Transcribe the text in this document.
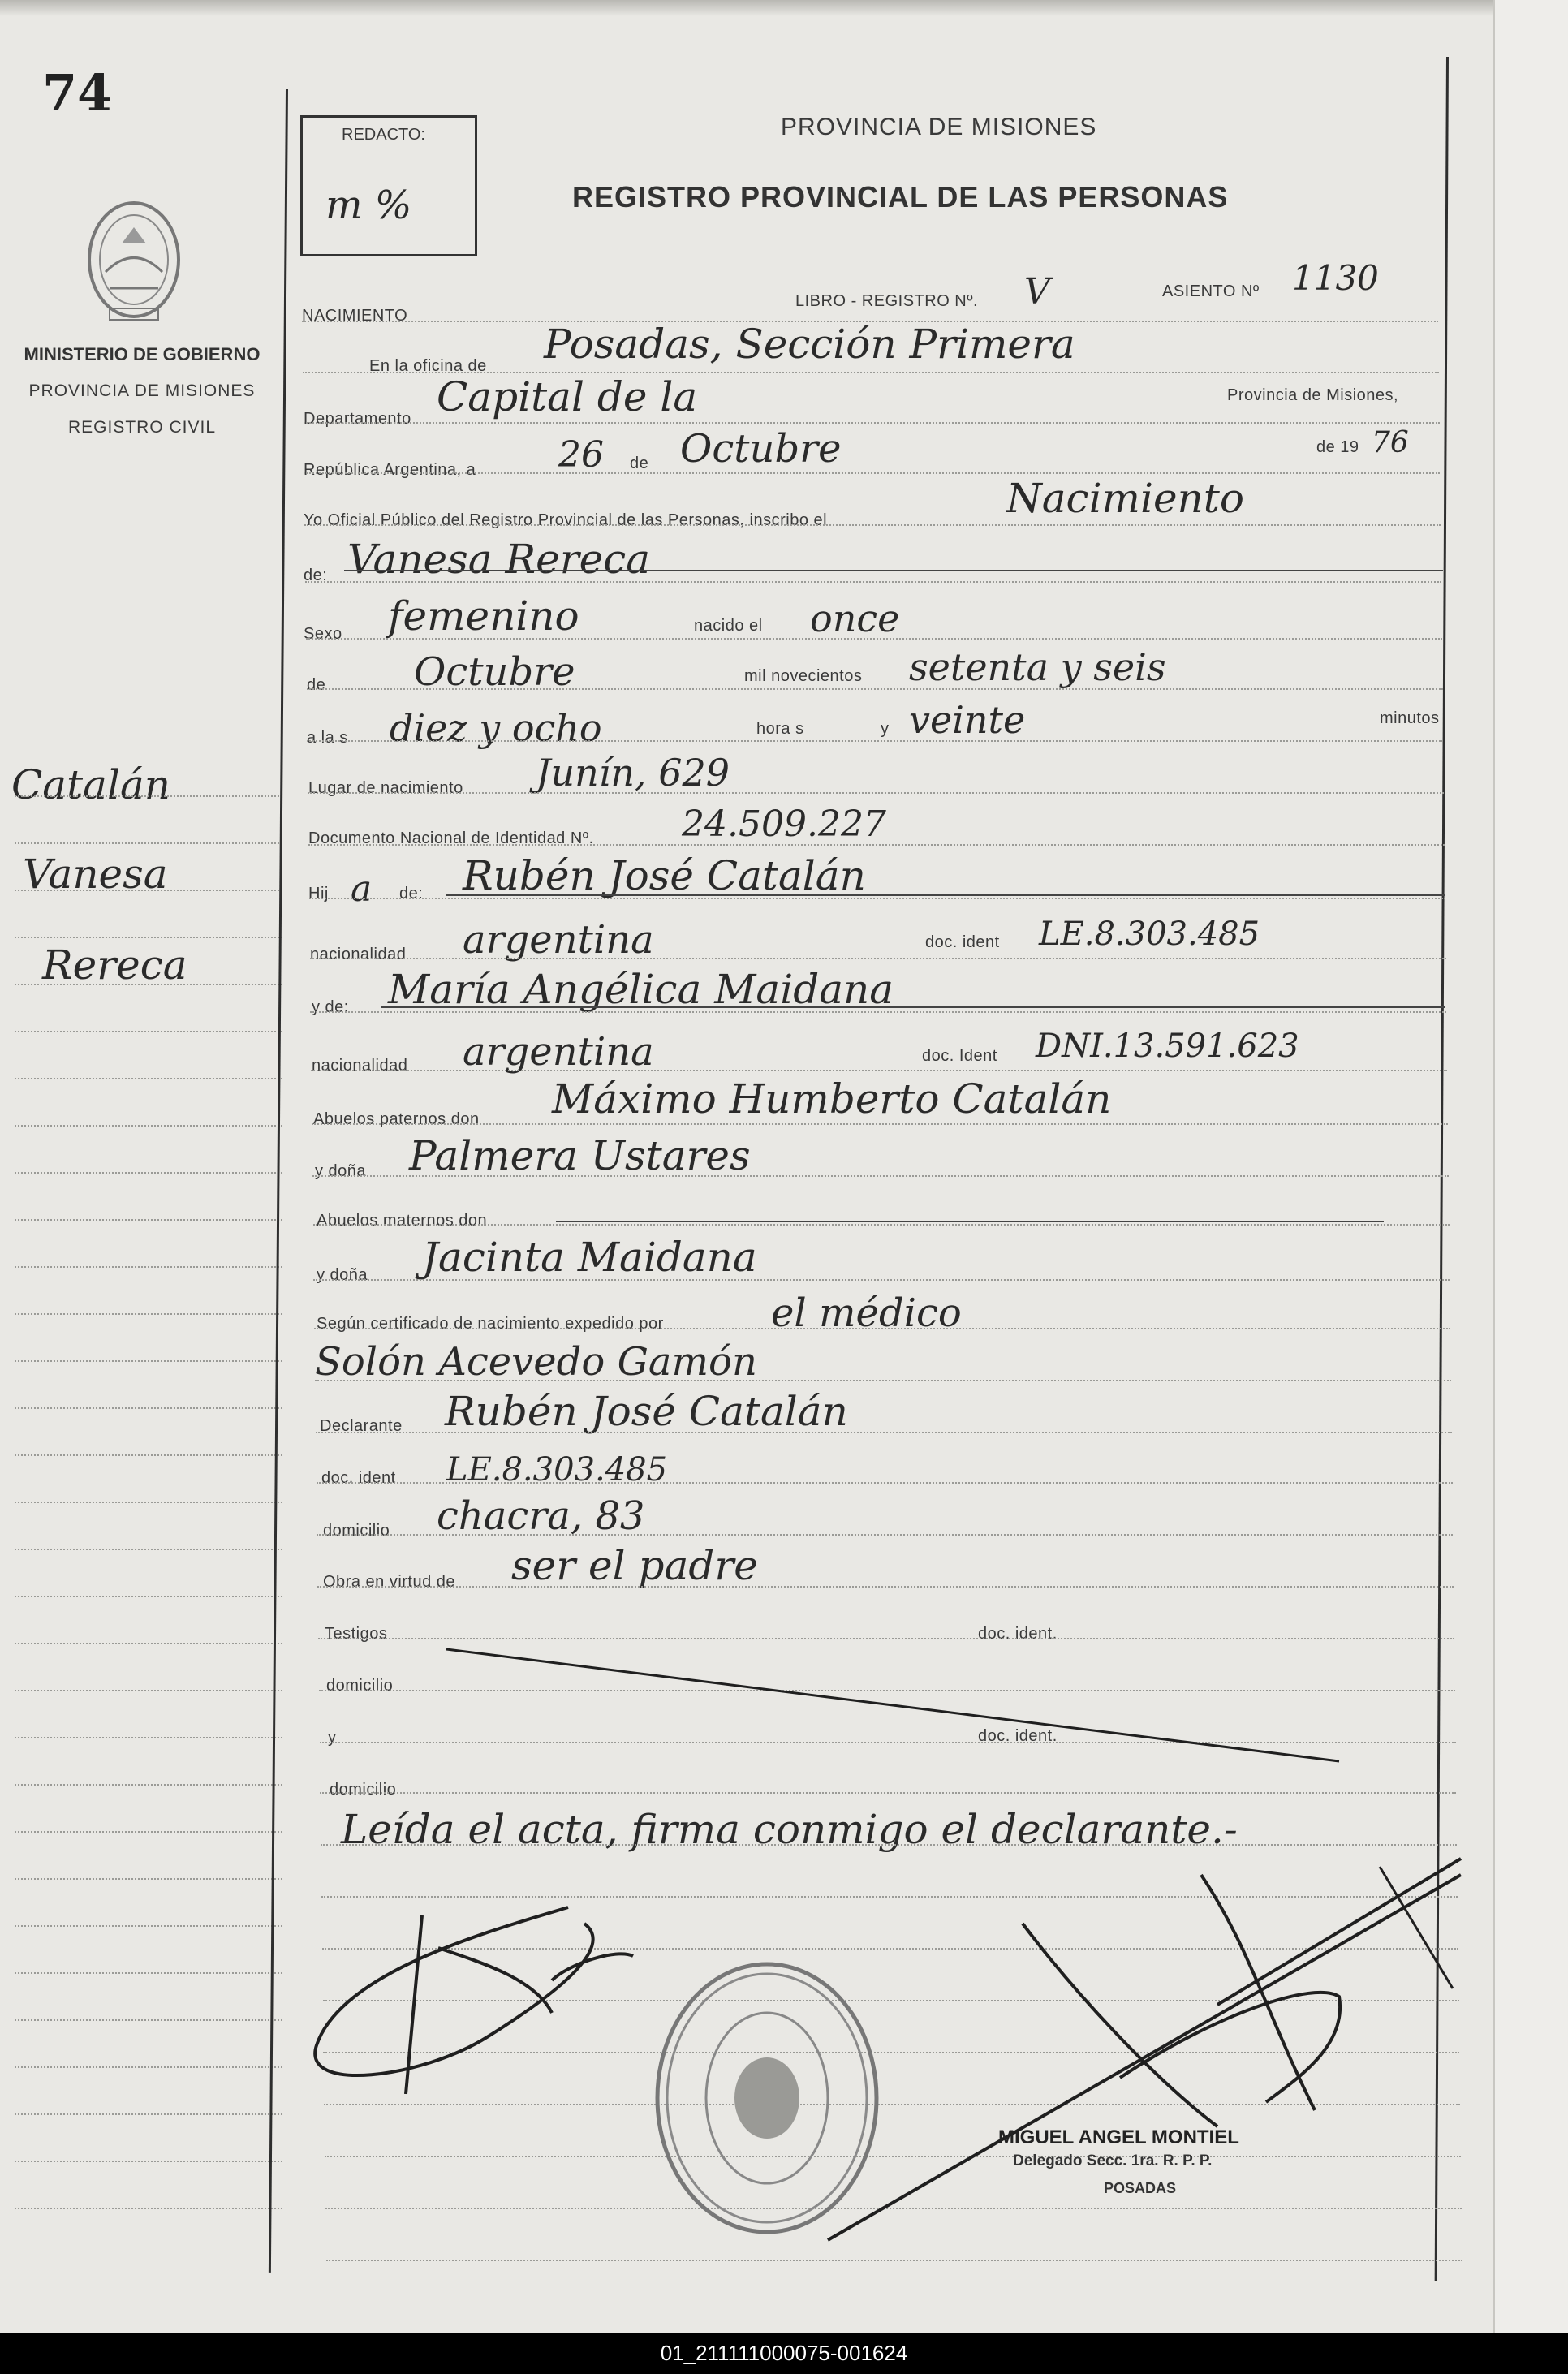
74
MINISTERIO DE GOBIERNO
PROVINCIA DE MISIONES
REGISTRO CIVIL
Catalán
Vanesa
Rereca
REDACTO:
m %
PROVINCIA DE MISIONES
REGISTRO PROVINCIAL DE LAS PERSONAS
NACIMIENTO
LIBRO - REGISTRO Nº. V	ASIENTO Nº 1130
En la oficina de Posadas, Sección Primera
Departamento Capital de la	Provincia de Misiones,
República Argentina, a 26 de Octubre	de 19 76
Yo Oficial Público del Registro Provincial de las Personas, inscribo el	Nacimiento
de: Vanesa Rereca
Sexo femenino	nacido el once
de Octubre	mil novecientos setenta y seis
a la s diez y ocho	hora s	y veinte	minutos
Lugar de nacimiento Junín, 629
Documento Nacional de Identidad Nº. 24.509.227
Hij a de: Rubén José Catalán
nacionalidad argentina	doc. ident LE.8.303.485
y de: María Angélica Maidana
nacionalidad argentina	doc. Ident DNI.13.591.623
Abuelos paternos don Máximo Humberto Catalán
y doña Palmera Ustares
Abuelos maternos don
y doña Jacinta Maidana
Según certificado de nacimiento expedido por	el médico
Solón Acevedo Gamón
Declarante Rubén José Catalán
doc. ident LE.8.303.485
domicilio chacra, 83
Obra en virtud de ser el padre
Testigos	doc. ident.
domicilio
y	doc. ident.
domicilio
Leída el acta, firma conmigo el declarante.-
MIGUEL ANGEL MONTIEL
Delegado Secc. 1ra. R. P. P.
POSADAS
01_211111000075-001624
